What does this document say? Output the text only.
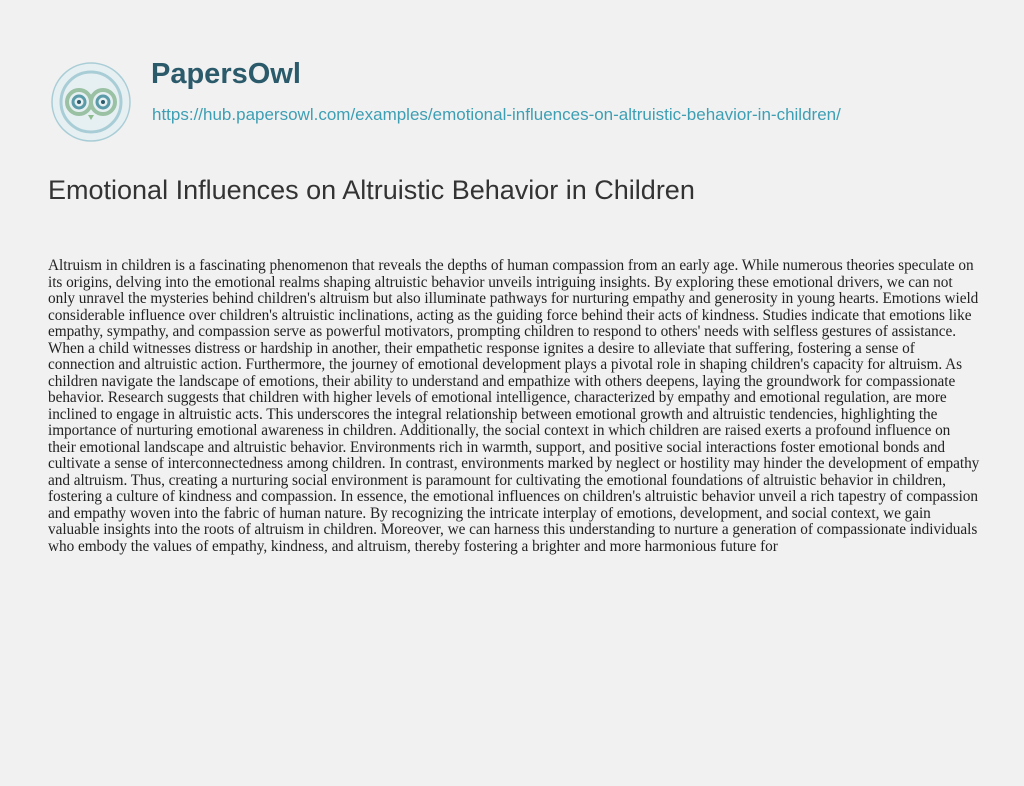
PapersOwl
https://hub.papersowl.com/examples/emotional-influences-on-altruistic-behavior-in-children/
Emotional Influences on Altruistic Behavior in Children

Altruism in children is a fascinating phenomenon that reveals the depths of human compassion from an early age. While numerous theories speculate on its origins, delving into the emotional realms shaping altruistic behavior unveils intriguing insights. By exploring these emotional drivers, we can not only unravel the mysteries behind children's altruism but also illuminate pathways for nurturing empathy and generosity in young hearts. Emotions wield considerable influence over children's altruistic inclinations, acting as the guiding force behind their acts of kindness. Studies indicate that emotions like empathy, sympathy, and compassion serve as powerful motivators, prompting children to respond to others' needs with selfless gestures of assistance. When a child witnesses distress or hardship in another, their empathetic response ignites a desire to alleviate that suffering, fostering a sense of connection and altruistic action. Furthermore, the journey of emotional development plays a pivotal role in shaping children's capacity for altruism. As children navigate the landscape of emotions, their ability to understand and empathize with others deepens, laying the groundwork for compassionate behavior. Research suggests that children with higher levels of emotional intelligence, characterized by empathy and emotional regulation, are more inclined to engage in altruistic acts. This underscores the integral relationship between emotional growth and altruistic tendencies, highlighting the importance of nurturing emotional awareness in children. Additionally, the social context in which children are raised exerts a profound influence on their emotional landscape and altruistic behavior. Environments rich in warmth, support, and positive social interactions foster emotional bonds and cultivate a sense of interconnectedness among children. In contrast, environments marked by neglect or hostility may hinder the development of empathy and altruism. Thus, creating a nurturing social environment is paramount for cultivating the emotional foundations of altruistic behavior in children, fostering a culture of kindness and compassion. In essence, the emotional influences on children's altruistic behavior unveil a rich tapestry of compassion and empathy woven into the fabric of human nature. By recognizing the intricate interplay of emotions, development, and social context, we gain valuable insights into the roots of altruism in children. Moreover, we can harness this understanding to nurture a generation of compassionate individuals who embody the values of empathy, kindness, and altruism, thereby fostering a brighter and more harmonious future for
